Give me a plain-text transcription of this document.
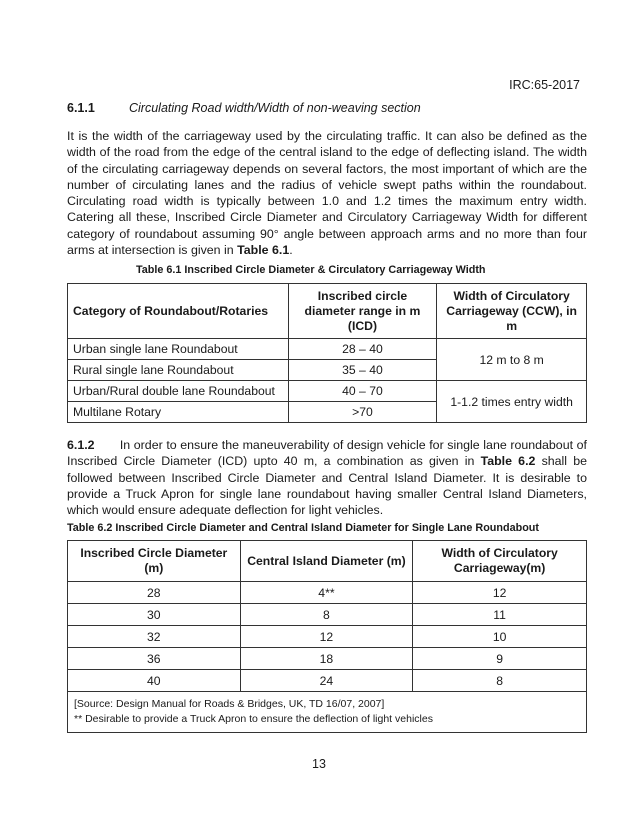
IRC:65-2017
6.1.1	Circulating Road width/Width of non-weaving section

It is the width of the carriageway used by the circulating traffic. It can also be defined as the width of the road from the edge of the central island to the edge of deflecting island. The width of the circulating carriageway depends on several factors, the most important of which are the number of circulating lanes and the radius of vehicle swept paths within the roundabout. Circulating road width is typically between 1.0 and 1.2 times the maximum entry width. Catering all these, Inscribed Circle Diameter and Circulatory Carriageway Width for different category of roundabout assuming 90° angle between approach arms and no more than four arms at intersection is given in Table 6.1.

Table 6.1 Inscribed Circle Diameter & Circulatory Carriageway Width
Category of Roundabout/Rotaries	Inscribed circle diameter range in m (ICD)	Width of Circulatory Carriageway (CCW), in m
Urban single lane Roundabout	28 – 40	12 m to 8 m
Rural single lane Roundabout	35 – 40	
Urban/Rural double lane Roundabout	40 – 70	1-1.2 times entry width
Multilane Rotary	>70	

6.1.2 In order to ensure the maneuverability of design vehicle for single lane roundabout of Inscribed Circle Diameter (ICD) upto 40 m, a combination as given in Table 6.2 shall be followed between Inscribed Circle Diameter and Central Island Diameter. It is desirable to provide a Truck Apron for single lane roundabout having smaller Central Island Diameters, which would ensure adequate deflection for light vehicles.

Table 6.2 Inscribed Circle Diameter and Central Island Diameter for Single Lane Roundabout
Inscribed Circle Diameter (m)	Central Island Diameter (m)	Width of Circulatory Carriageway(m)
28	4**	12
30	8	11
32	12	10
36	18	9
40	24	8

[Source: Design Manual for Roads & Bridges, UK, TD 16/07, 2007]
** Desirable to provide a Truck Apron to ensure the deflection of light vehicles		
13
